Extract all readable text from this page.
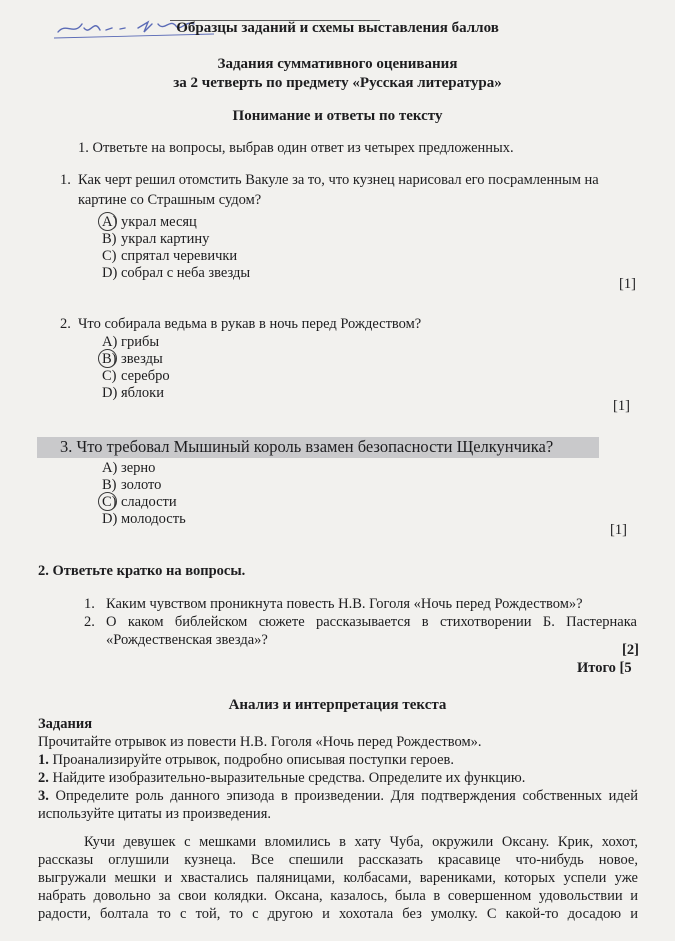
Образцы заданий и схемы выставления баллов
Задания суммативного оценивания
за 2 четверть по предмету «Русская литература»
Понимание и ответы по тексту
1. Ответьте на вопросы, выбрав один ответ из четырех предложенных.
1. Как черт решил отомстить Вакуле за то, что кузнец нарисовал его посрамленным на
картине со Страшным судом?
A) украл месяц
B) украл картину
C) спрятал черевички
D) собрал с неба звезды
[1]
2. Что собирала ведьма в рукав в ночь перед Рождеством?
A) грибы
B) звезды
C) серебро
D) яблоки
[1]
3. Что требовал Мышиный король взамен безопасности Щелкунчика?
A) зерно
B) золото
C) сладости
D) молодость
[1]
2. Ответьте кратко на вопросы.
1. Каким чувством проникнута повесть Н.В. Гоголя «Ночь перед Рождеством»?
2. О каком библейском сюжете рассказывается в стихотворении Б. Пастернака
«Рождественская звезда»?
[2]
Итого [5
Анализ и интерпретация текста
Задания
Прочитайте отрывок из повести Н.В. Гоголя «Ночь перед Рождеством».
1. Проанализируйте отрывок, подробно описывая поступки героев.
2. Найдите изобразительно-выразительные средства. Определите их функцию.
3. Определите роль данного эпизода в произведении. Для подтверждения собственных идей
используйте цитаты из произведения.
Кучи девушек с мешками вломились в хату Чуба, окружили Оксану. Крик, хохот,
рассказы оглушили кузнеца. Все спешили рассказать красавице что-нибудь новое,
выгружали мешки и хвастались паляницами, колбасами, варениками, которых успели уже
набрать довольно за свои колядки. Оксана, казалось, была в совершенном удовольствии и
радости, болтала то с той, то с другою и хохотала без умолку. С какой-то досадою и
